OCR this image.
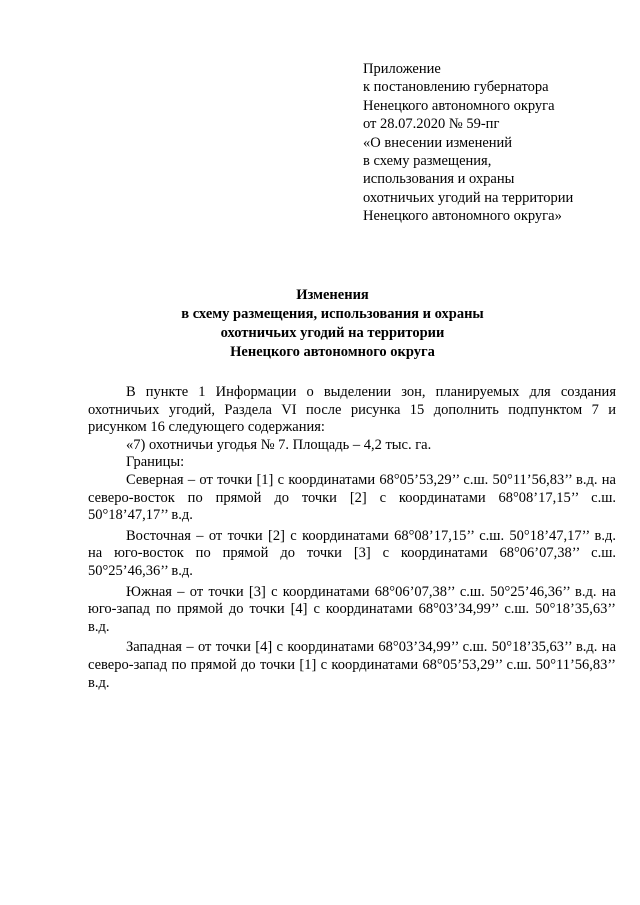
Приложение
к постановлению губернатора
Ненецкого автономного округа
от 28.07.2020 № 59-пг
«О внесении изменений
в схему размещения,
использования и охраны
охотничьих угодий на территории
Ненецкого автономного округа»
Изменения
в схему размещения, использования и охраны
охотничьих угодий на территории
Ненецкого автономного округа

В пункте 1 Информации о выделении зон, планируемых для создания охотничьих угодий, Раздела VI после рисунка 15 дополнить подпунктом 7 и рисунком 16 следующего содержания:

«7) охотничьи угодья № 7. Площадь – 4,2 тыс. га.

Границы:

Северная – от точки [1] с координатами 68°05’53,29’’ с.ш. 50°11’56,83’’ в.д. на северо-восток по прямой до точки [2] с координатами 68°08’17,15’’ с.ш. 50°18’47,17’’ в.д.

Восточная – от точки [2] с координатами 68°08’17,15’’ с.ш. 50°18’47,17’’ в.д. на юго-восток по прямой до точки [3] с координатами 68°06’07,38’’ с.ш. 50°25’46,36’’ в.д.

Южная – от точки [3] с координатами 68°06’07,38’’ с.ш. 50°25’46,36’’ в.д. на юго-запад по прямой до точки [4] с координатами 68°03’34,99’’ с.ш. 50°18’35,63’’ в.д.

Западная – от точки [4] с координатами 68°03’34,99’’ с.ш. 50°18’35,63’’ в.д. на северо-запад по прямой до точки [1] с координатами 68°05’53,29’’ с.ш. 50°11’56,83’’ в.д.
